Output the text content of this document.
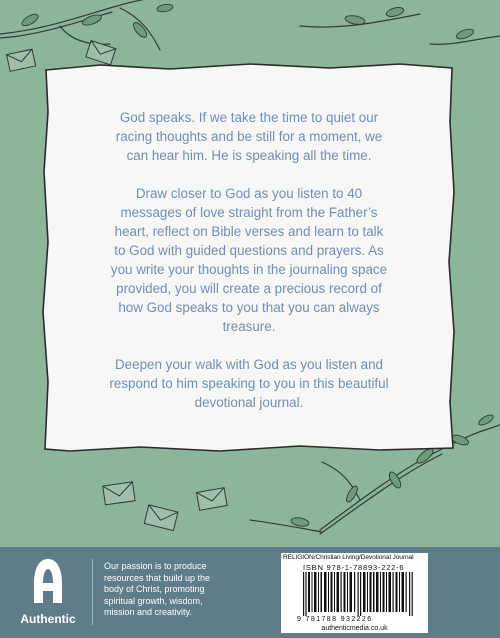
God speaks. If we take the time to quiet our racing thoughts and be still for a moment, we can hear him. He is speaking all the time.

Draw closer to God as you listen to 40 messages of love straight from the Father’s heart, reflect on Bible verses and learn to talk to God with guided questions and prayers. As you write your thoughts in the journaling space provided, you will create a precious record of how God speaks to you that you can always treasure.

Deepen your walk with God as you listen and respond to him speaking to you in this beautiful devotional journal.

Authentic
Our passion is to produce resources that build up the body of Christ, promoting spiritual growth, wisdom, mission and creativity.
RELIGION/Christian Living/Devotional Journal
ISBN 978-1-78893-222-6
9 781788 932226
authenticmedia.co.uk
